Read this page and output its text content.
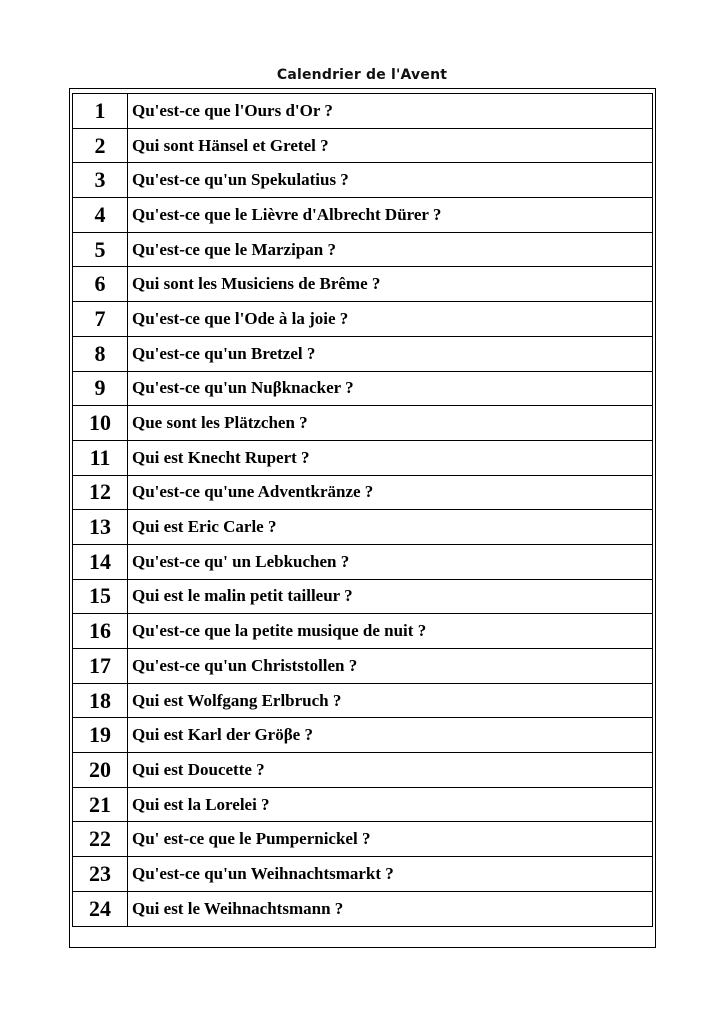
Calendrier de l'Avent
1	Qu'est-ce que l'Ours d'Or ?
2	Qui sont Hänsel et Gretel ?
3	Qu'est-ce qu'un Spekulatius ?
4	Qu'est-ce que le Lièvre d'Albrecht Dürer ?
5	Qu'est-ce que le Marzipan ?
6	Qui sont les Musiciens de Brême ?
7	Qu'est-ce que l'Ode à la joie ?
8	Qu'est-ce qu'un Bretzel ?
9	Qu'est-ce qu'un Nuβknacker ?
10	Que sont les Plätzchen ?
11	Qui est Knecht Rupert ?
12	Qu'est-ce qu'une Adventkränze ?
13	Qui est Eric Carle ?
14	Qu'est-ce qu' un Lebkuchen ?
15	Qui est le malin petit tailleur ?
16	Qu'est-ce que la petite musique de nuit ?
17	Qu'est-ce qu'un Christstollen ?
18	Qui est Wolfgang Erlbruch ?
19	Qui est Karl der Gröβe ?
20	Qui est Doucette ?
21	Qui est la Lorelei ?
22	Qu' est-ce que le Pumpernickel ?
23	Qu'est-ce qu'un Weihnachtsmarkt ?
24	Qui est le Weihnachtsmann ?
